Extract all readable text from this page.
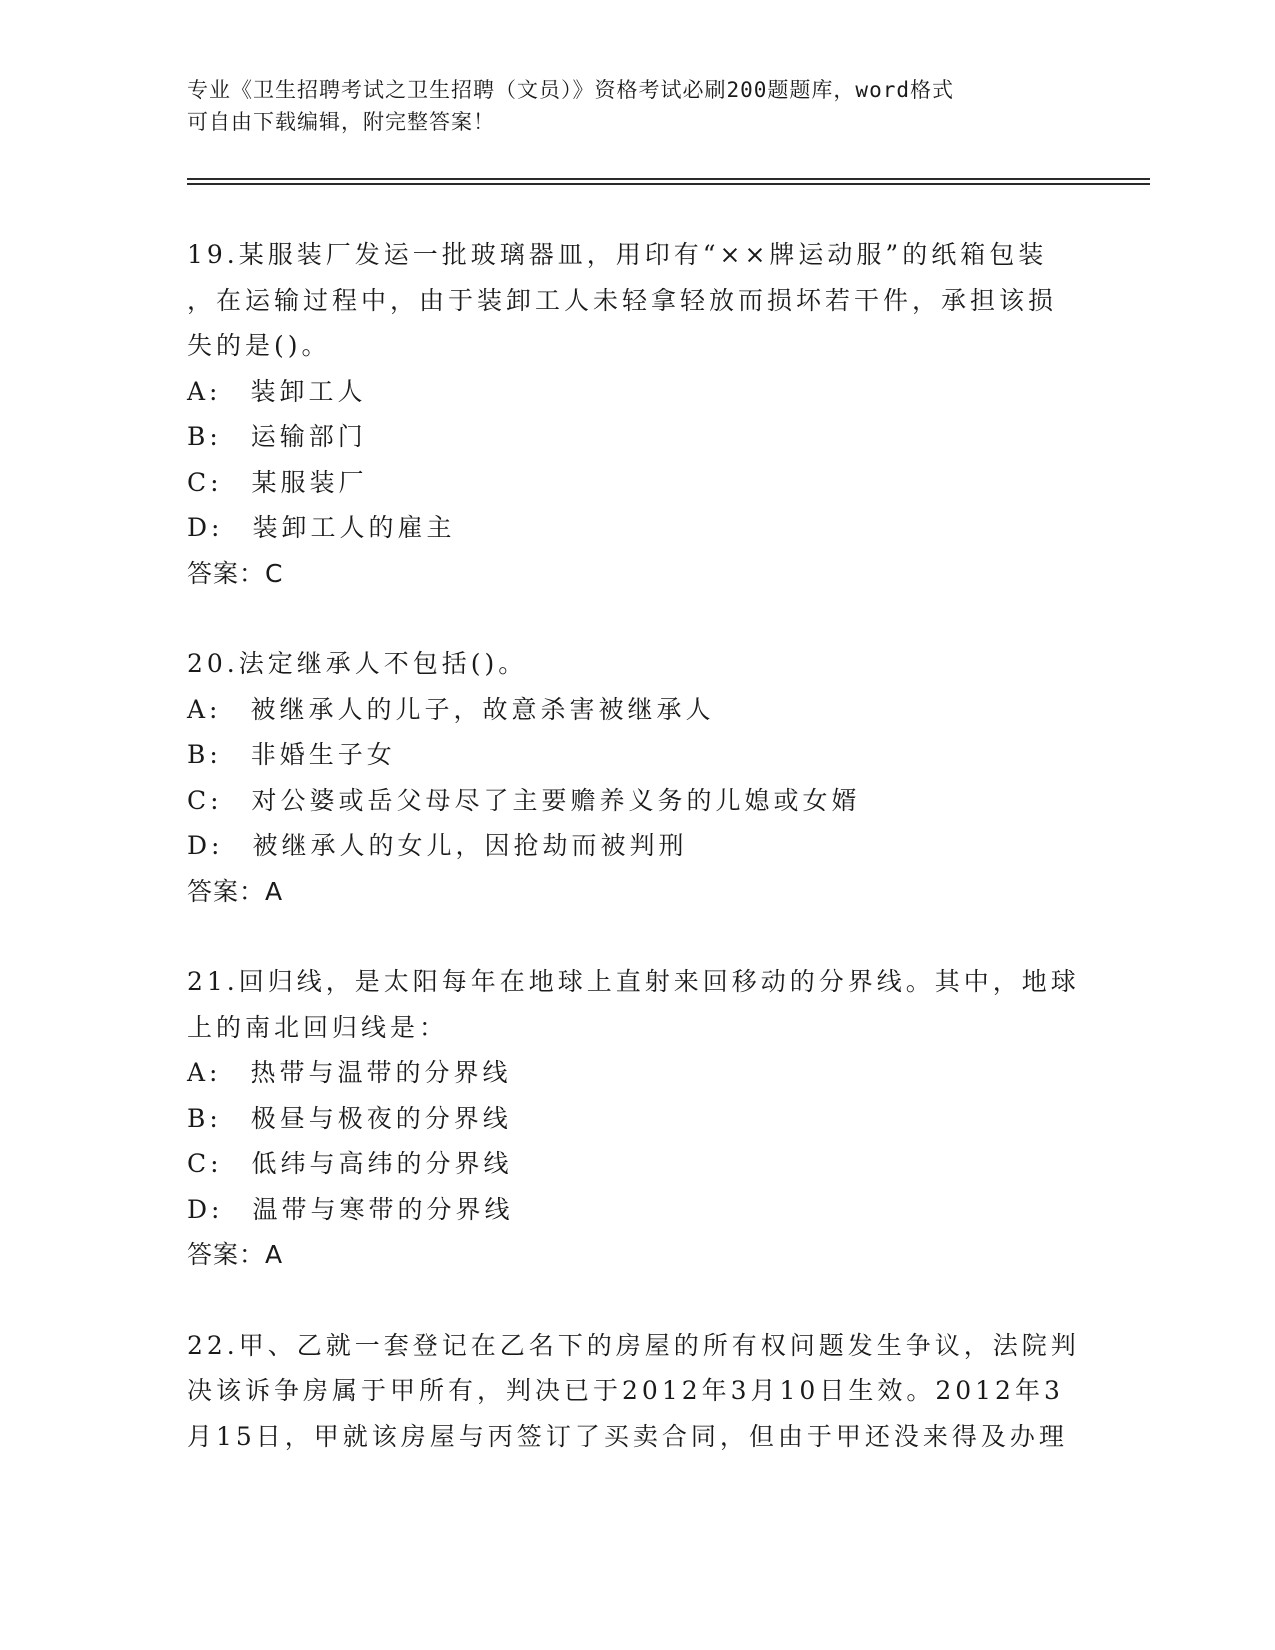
专业《卫生招聘考试之卫生招聘（文员）》资格考试必刷200题题库，word格式
可自由下载编辑，附完整答案！
19.某服装厂发运一批玻璃器皿，用印有“××牌运动服”的纸箱包装
，在运输过程中，由于装卸工人未轻拿轻放而损坏若干件，承担该损
失的是()。
A:　装卸工人
B:　运输部门
C:　某服装厂
D:　装卸工人的雇主
答案：C
20.法定继承人不包括()。
A:　被继承人的儿子，故意杀害被继承人
B:　非婚生子女
C:　对公婆或岳父母尽了主要赡养义务的儿媳或女婿
D:　被继承人的女儿，因抢劫而被判刑
答案：A
21.回归线，是太阳每年在地球上直射来回移动的分界线。其中，地球
上的南北回归线是：
A:　热带与温带的分界线
B:　极昼与极夜的分界线
C:　低纬与高纬的分界线
D:　温带与寒带的分界线
答案：A
22.甲、乙就一套登记在乙名下的房屋的所有权问题发生争议，法院判
决该诉争房属于甲所有，判决已于2012年3月10日生效。2012年3
月15日，甲就该房屋与丙签订了买卖合同，但由于甲还没来得及办理
